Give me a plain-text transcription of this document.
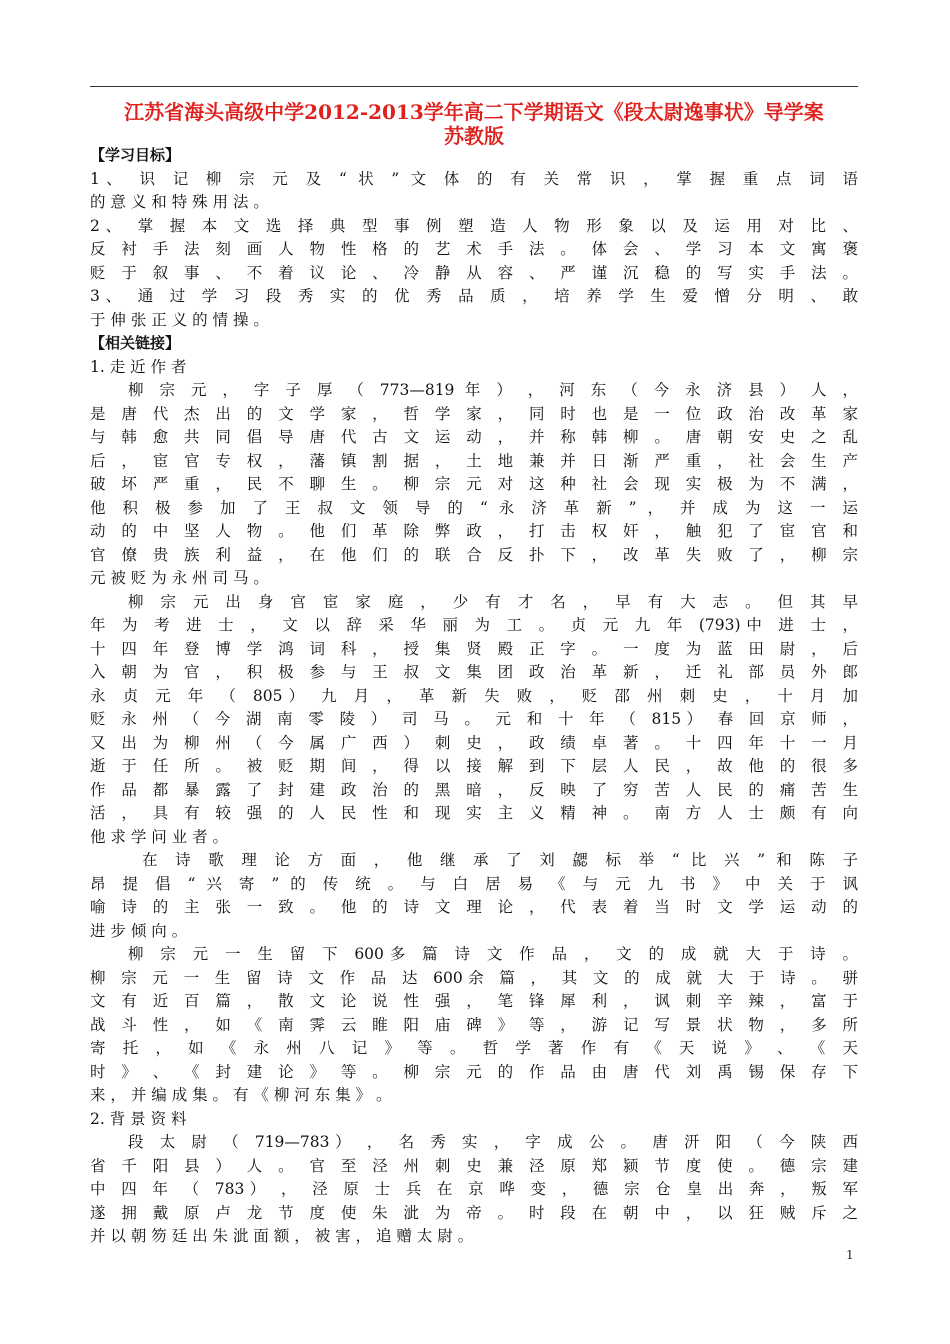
江苏省海头高级中学2012-2013学年高二下学期语文《段太尉逸事状》导学案
苏教版
【学习目标】
1、 识 记 柳 宗 元 及 “ 状 ” 文 体 的 有 关 常 识 ， 掌 握 重 点 词 语
的 意 义 和 特 殊 用 法 。
2、 掌 握 本 文 选 择 典 型 事 例 塑 造 人 物 形 象 以 及 运 用 对 比 、
反 衬 手 法 刻 画 人 物 性 格 的 艺 术 手 法 。 体 会 、 学 习 本 文 寓 褒
贬 于 叙 事 、 不 着 议 论 、 冷 静 从 容 、 严 谨 沉 稳 的 写 实 手 法 。
3、 通 过 学 习 段 秀 实 的 优 秀 品 质 ， 培 养 学 生 爱 憎 分 明 、 敢
于 伸 张 正 义 的 情 操 。
【相关链接】
1. 走 近 作 者
柳 宗 元 ， 字 子 厚 （ 773—819 年 ） ， 河 东 （ 今 永 济 县 ） 人 ，
是 唐 代 杰 出 的 文 学 家 ， 哲 学 家 ， 同 时 也 是 一 位 政 治 改 革 家
与 韩 愈 共 同 倡 导 唐 代 古 文 运 动 ， 并 称 韩 柳 。 唐 朝 安 史 之 乱
后 ， 宦 官 专 权 ， 藩 镇 割 据 ， 土 地 兼 并 日 渐 严 重 ， 社 会 生 产
破 坏 严 重 ， 民 不 聊 生 。 柳 宗 元 对 这 种 社 会 现 实 极 为 不 满 ，
他 积 极 参 加 了 王 叔 文 领 导 的 “ 永 济 革 新 ” ， 并 成 为 这 一 运
动 的 中 坚 人 物 。 他 们 革 除 弊 政 ， 打 击 权 奸 ， 触 犯 了 宦 官 和
官 僚 贵 族 利 益 ， 在 他 们 的 联 合 反 扑 下 ， 改 革 失 败 了 ， 柳 宗
元 被 贬 为 永 州 司 马 。
柳 宗 元 出 身 官 宦 家 庭 ， 少 有 才 名 ， 早 有 大 志 。 但 其 早
年 为 考 进 士 ， 文 以 辞 采 华 丽 为 工 。 贞 元 九 年 (793)中 进 士 ，
十 四 年 登 博 学 鸿 词 科 ， 授 集 贤 殿 正 字 。 一 度 为 蓝 田 尉 ， 后
入 朝 为 官 ， 积 极 参 与 王 叔 文 集 团 政 治 革 新 ， 迁 礼 部 员 外 郎
永 贞 元 年 （ 805） 九 月 ， 革 新 失 败 ， 贬 邵 州 刺 史 ， 十 月 加
贬 永 州 （ 今 湖 南 零 陵 ） 司 马 。 元 和 十 年 （ 815） 春 回 京 师 ，
又 出 为 柳 州 （ 今 属 广 西 ） 刺 史 ， 政 绩 卓 著 。 十 四 年 十 一 月
逝 于 任 所 。 被 贬 期 间 ， 得 以 接 解 到 下 层 人 民 ， 故 他 的 很 多
作 品 都 暴 露 了 封 建 政 治 的 黑 暗 ， 反 映 了 穷 苦 人 民 的 痛 苦 生
活 ， 具 有 较 强 的 人 民 性 和 现 实 主 义 精 神 。 南 方 人 士 颇 有 向
他 求 学 问 业 者 。
在 诗 歌 理 论 方 面 ， 他 继 承 了 刘 勰 标 举 “ 比 兴 ” 和 陈 子
昂 提 倡 “ 兴 寄 ” 的 传 统 。 与 白 居 易 《 与 元 九 书 》 中 关 于 讽
喻 诗 的 主 张 一 致 。 他 的 诗 文 理 论 ， 代 表 着 当 时 文 学 运 动 的
进 步 倾 向 。
柳 宗 元 一 生 留 下 600多 篇 诗 文 作 品 ， 文 的 成 就 大 于 诗 。
柳 宗 元 一 生 留 诗 文 作 品 达 600余 篇 ， 其 文 的 成 就 大 于 诗 。 骈
文 有 近 百 篇 ， 散 文 论 说 性 强 ， 笔 锋 犀 利 ， 讽 刺 辛 辣 ， 富 于
战 斗 性 ， 如 《 南 霁 云 睢 阳 庙 碑 》 等 ， 游 记 写 景 状 物 ， 多 所
寄 托 ， 如 《 永 州 八 记 》 等 。 哲 学 著 作 有 《 天 说 》 、 《 天
时 》 、 《 封 建 论 》 等 。 柳 宗 元 的 作 品 由 唐 代 刘 禹 锡 保 存 下
来 ， 并 编 成 集 。 有 《 柳 河 东 集 》 。
2. 背 景 资 料
段 太 尉 （ 719—783） ， 名 秀 实 ， 字 成 公 。 唐 汧 阳 （ 今 陕 西
省 千 阳 县 ） 人 。 官 至 泾 州 刺 史 兼 泾 原 郑 颍 节 度 使 。 德 宗 建
中 四 年 （ 783） ， 泾 原 士 兵 在 京 哗 变 ， 德 宗 仓 皇 出 奔 ， 叛 军
遂 拥 戴 原 卢 龙 节 度 使 朱 泚 为 帝 。 时 段 在 朝 中 ， 以 狂 贼 斥 之
并 以 朝 笏 廷 出 朱 泚 面 额 ， 被 害 ， 追 赠 太 尉 。
1
